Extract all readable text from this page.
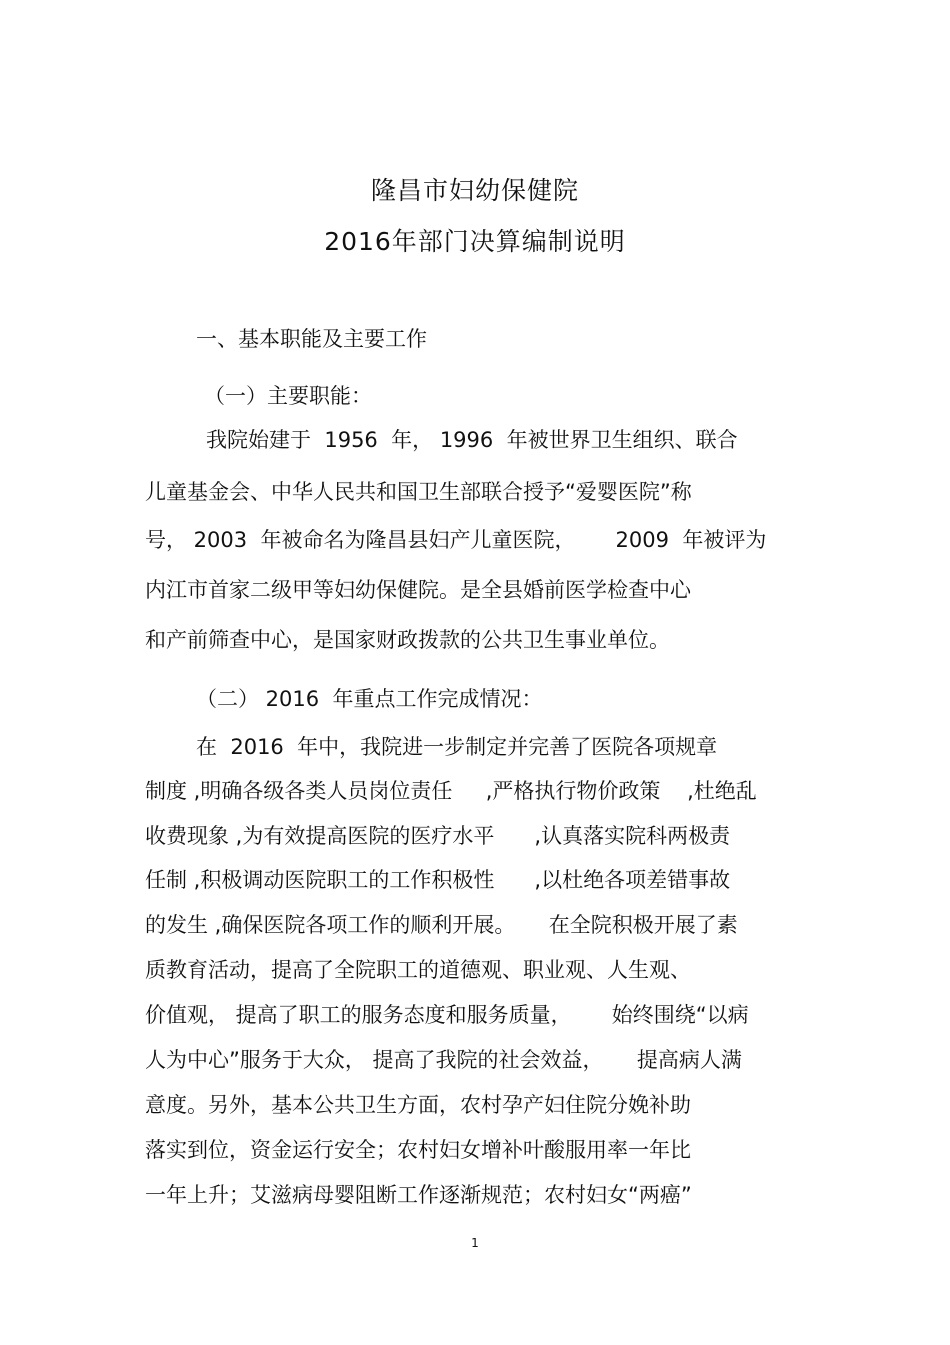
隆昌市妇幼保健院
2016年部门决算编制说明
一、基本职能及主要工作
（一）主要职能：
我院始建于  1956  年， 1996  年被世界卫生组织、联合
儿童基金会、中华人民共和国卫生部联合授予“爱婴医院”称
号， 2003  年被命名为隆昌县妇产儿童医院，      2009  年被评为
内江市首家二级甲等妇幼保健院。是全县婚前医学检查中心
和产前筛查中心，是国家财政拨款的公共卫生事业单位。
（二） 2016  年重点工作完成情况：
在  2016  年中，我院进一步制定并完善了医院各项规章
制度 ,明确各级各类人员岗位责任     ,严格执行物价政策    ,杜绝乱
收费现象 ,为有效提高医院的医疗水平      ,认真落实院科两极责
任制 ,积极调动医院职工的工作积极性      ,以杜绝各项差错事故
的发生 ,确保医院各项工作的顺利开展。     在全院积极开展了素
质教育活动，提高了全院职工的道德观、职业观、人生观、
价值观， 提高了职工的服务态度和服务质量，      始终围绕“以病
人为中心”服务于大众， 提高了我院的社会效益，     提高病人满
意度。另外，基本公共卫生方面，农村孕产妇住院分娩补助
落实到位，资金运行安全；农村妇女增补叶酸服用率一年比
一年上升；艾滋病母婴阻断工作逐渐规范；农村妇女“两癌”
1
